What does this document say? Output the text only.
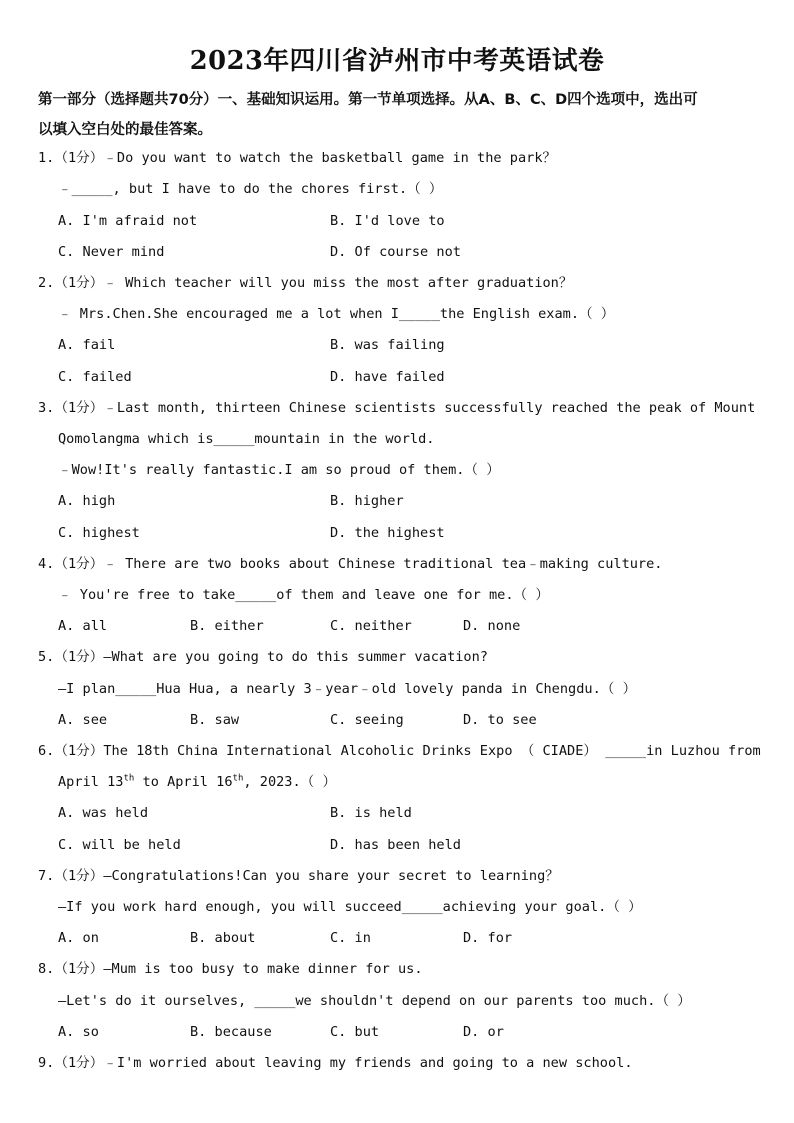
2023年四川省泸州市中考英语试卷
第一部分（选择题共70分）一、基础知识运用。第一节单项选择。从A、B、C、D四个选项中，选出可
以填入空白处的最佳答案。
1.（1分）﹣Do you want to watch the basketball game in the park？
﹣_____, but I have to do the chores first.（ ）
A. I'm afraid not	B. I'd love to
C. Never mind	D. Of course not
2.（1分）﹣ Which teacher will you miss the most after graduation？
﹣ Mrs.Chen.She encouraged me a lot when I_____the English exam.（ ）
A. fail	B. was failing
C. failed	D. have failed
3.（1分）﹣Last month, thirteen Chinese scientists successfully reached the peak of Mount
Qomolangma which is_____mountain in the world.
﹣Wow!It's really fantastic.I am so proud of them.（ ）
A. high	B. higher
C. highest	D. the highest
4.（1分）﹣ There are two books about Chinese traditional tea﹣making culture.
﹣ You're free to take_____of them and leave one for me.（ ）
A. all	B. either	C. neither	D. none
5.（1分）—What are you going to do this summer vacation?
—I plan_____Hua Hua, a nearly 3﹣year﹣old lovely panda in Chengdu.（ ）
A. see	B. saw	C. seeing	D. to see
6.（1分）The 18th China International Alcoholic Drinks Expo （ CIADE） _____in Luzhou from
April 13th to April 16th, 2023.（ ）
A. was held	B. is held
C. will be held	D. has been held
7.（1分）—Congratulations!Can you share your secret to learning？
—If you work hard enough, you will succeed_____achieving your goal.（ ）
A. on	B. about	C. in	D. for
8.（1分）—Mum is too busy to make dinner for us.
—Let's do it ourselves, _____we shouldn't depend on our parents too much.（ ）
A. so	B. because	C. but	D. or
9.（1分）﹣I'm worried about leaving my friends and going to a new school.
